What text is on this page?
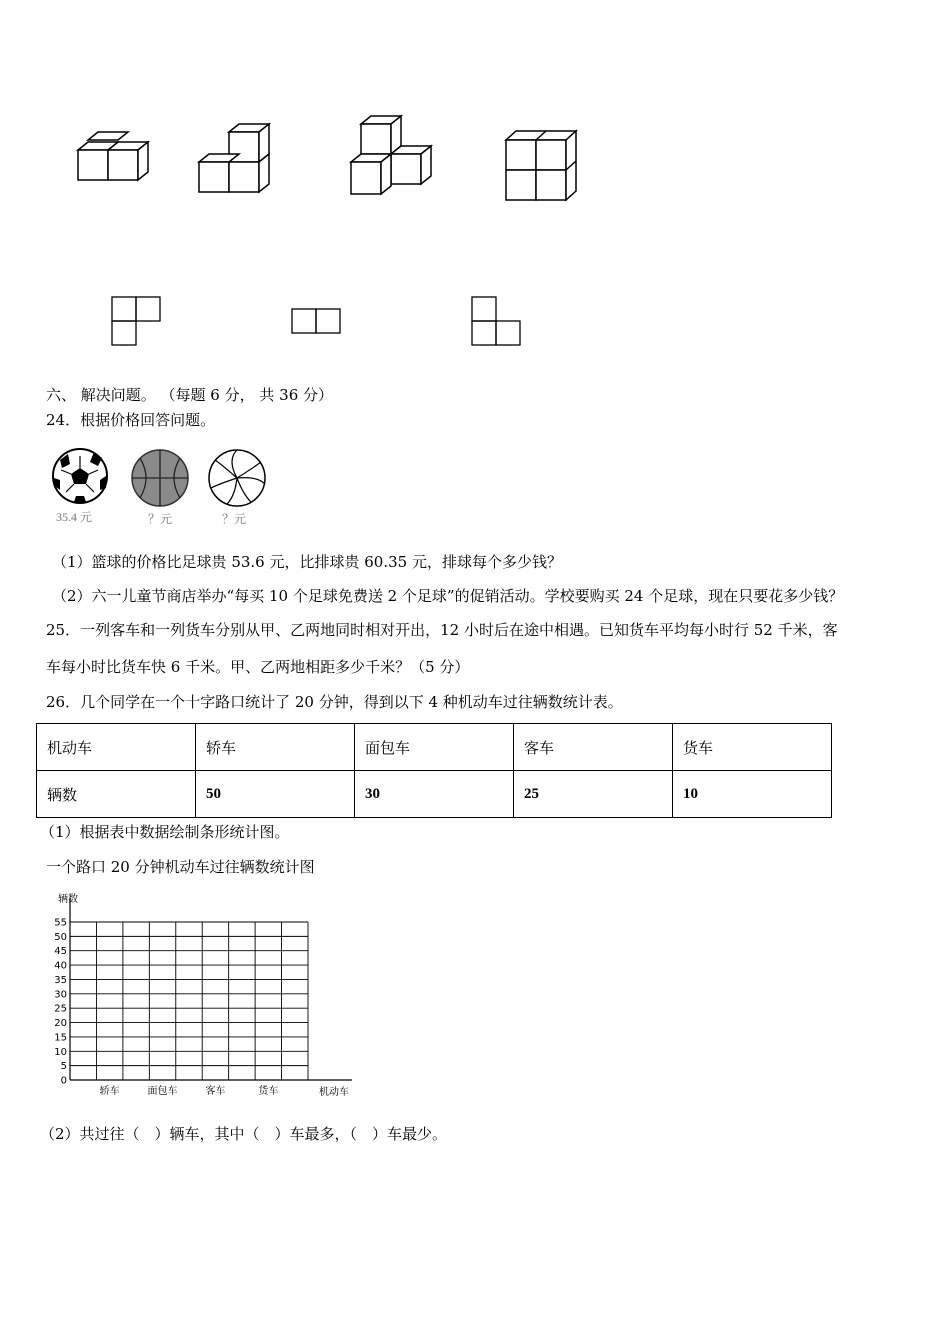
六、 解决问题。 （每题 6 分， 共 36 分）
24．根据价格回答问题。
35.4 元	？元	？元
（1）篮球的价格比足球贵 53.6 元，比排球贵 60.35 元，排球每个多少钱？
（2）六一儿童节商店举办“每买 10 个足球免费送 2 个足球”的促销活动。学校要购买 24 个足球，现在只要花多少钱？
25．一列客车和一列货车分别从甲、乙两地同时相对开出，12 小时后在途中相遇。已知货车平均每小时行 52 千米，客
车每小时比货车快 6 千米。甲、乙两地相距多少千米？（5 分）
26．几个同学在一个十字路口统计了 20 分钟，得到以下 4 种机动车过往辆数统计表。
机动车	轿车	面包车	客车	货车
辆数	50	30	25	10
（1）根据表中数据绘制条形统计图。
一个路口 20 分钟机动车过往辆数统计图
0
5
10
15
20
25
30
35
40
45
50
55
辆数
轿车	面包车	客车	货车	机动车
（2）共过往（　）辆车，其中（　）车最多，（　）车最少。
